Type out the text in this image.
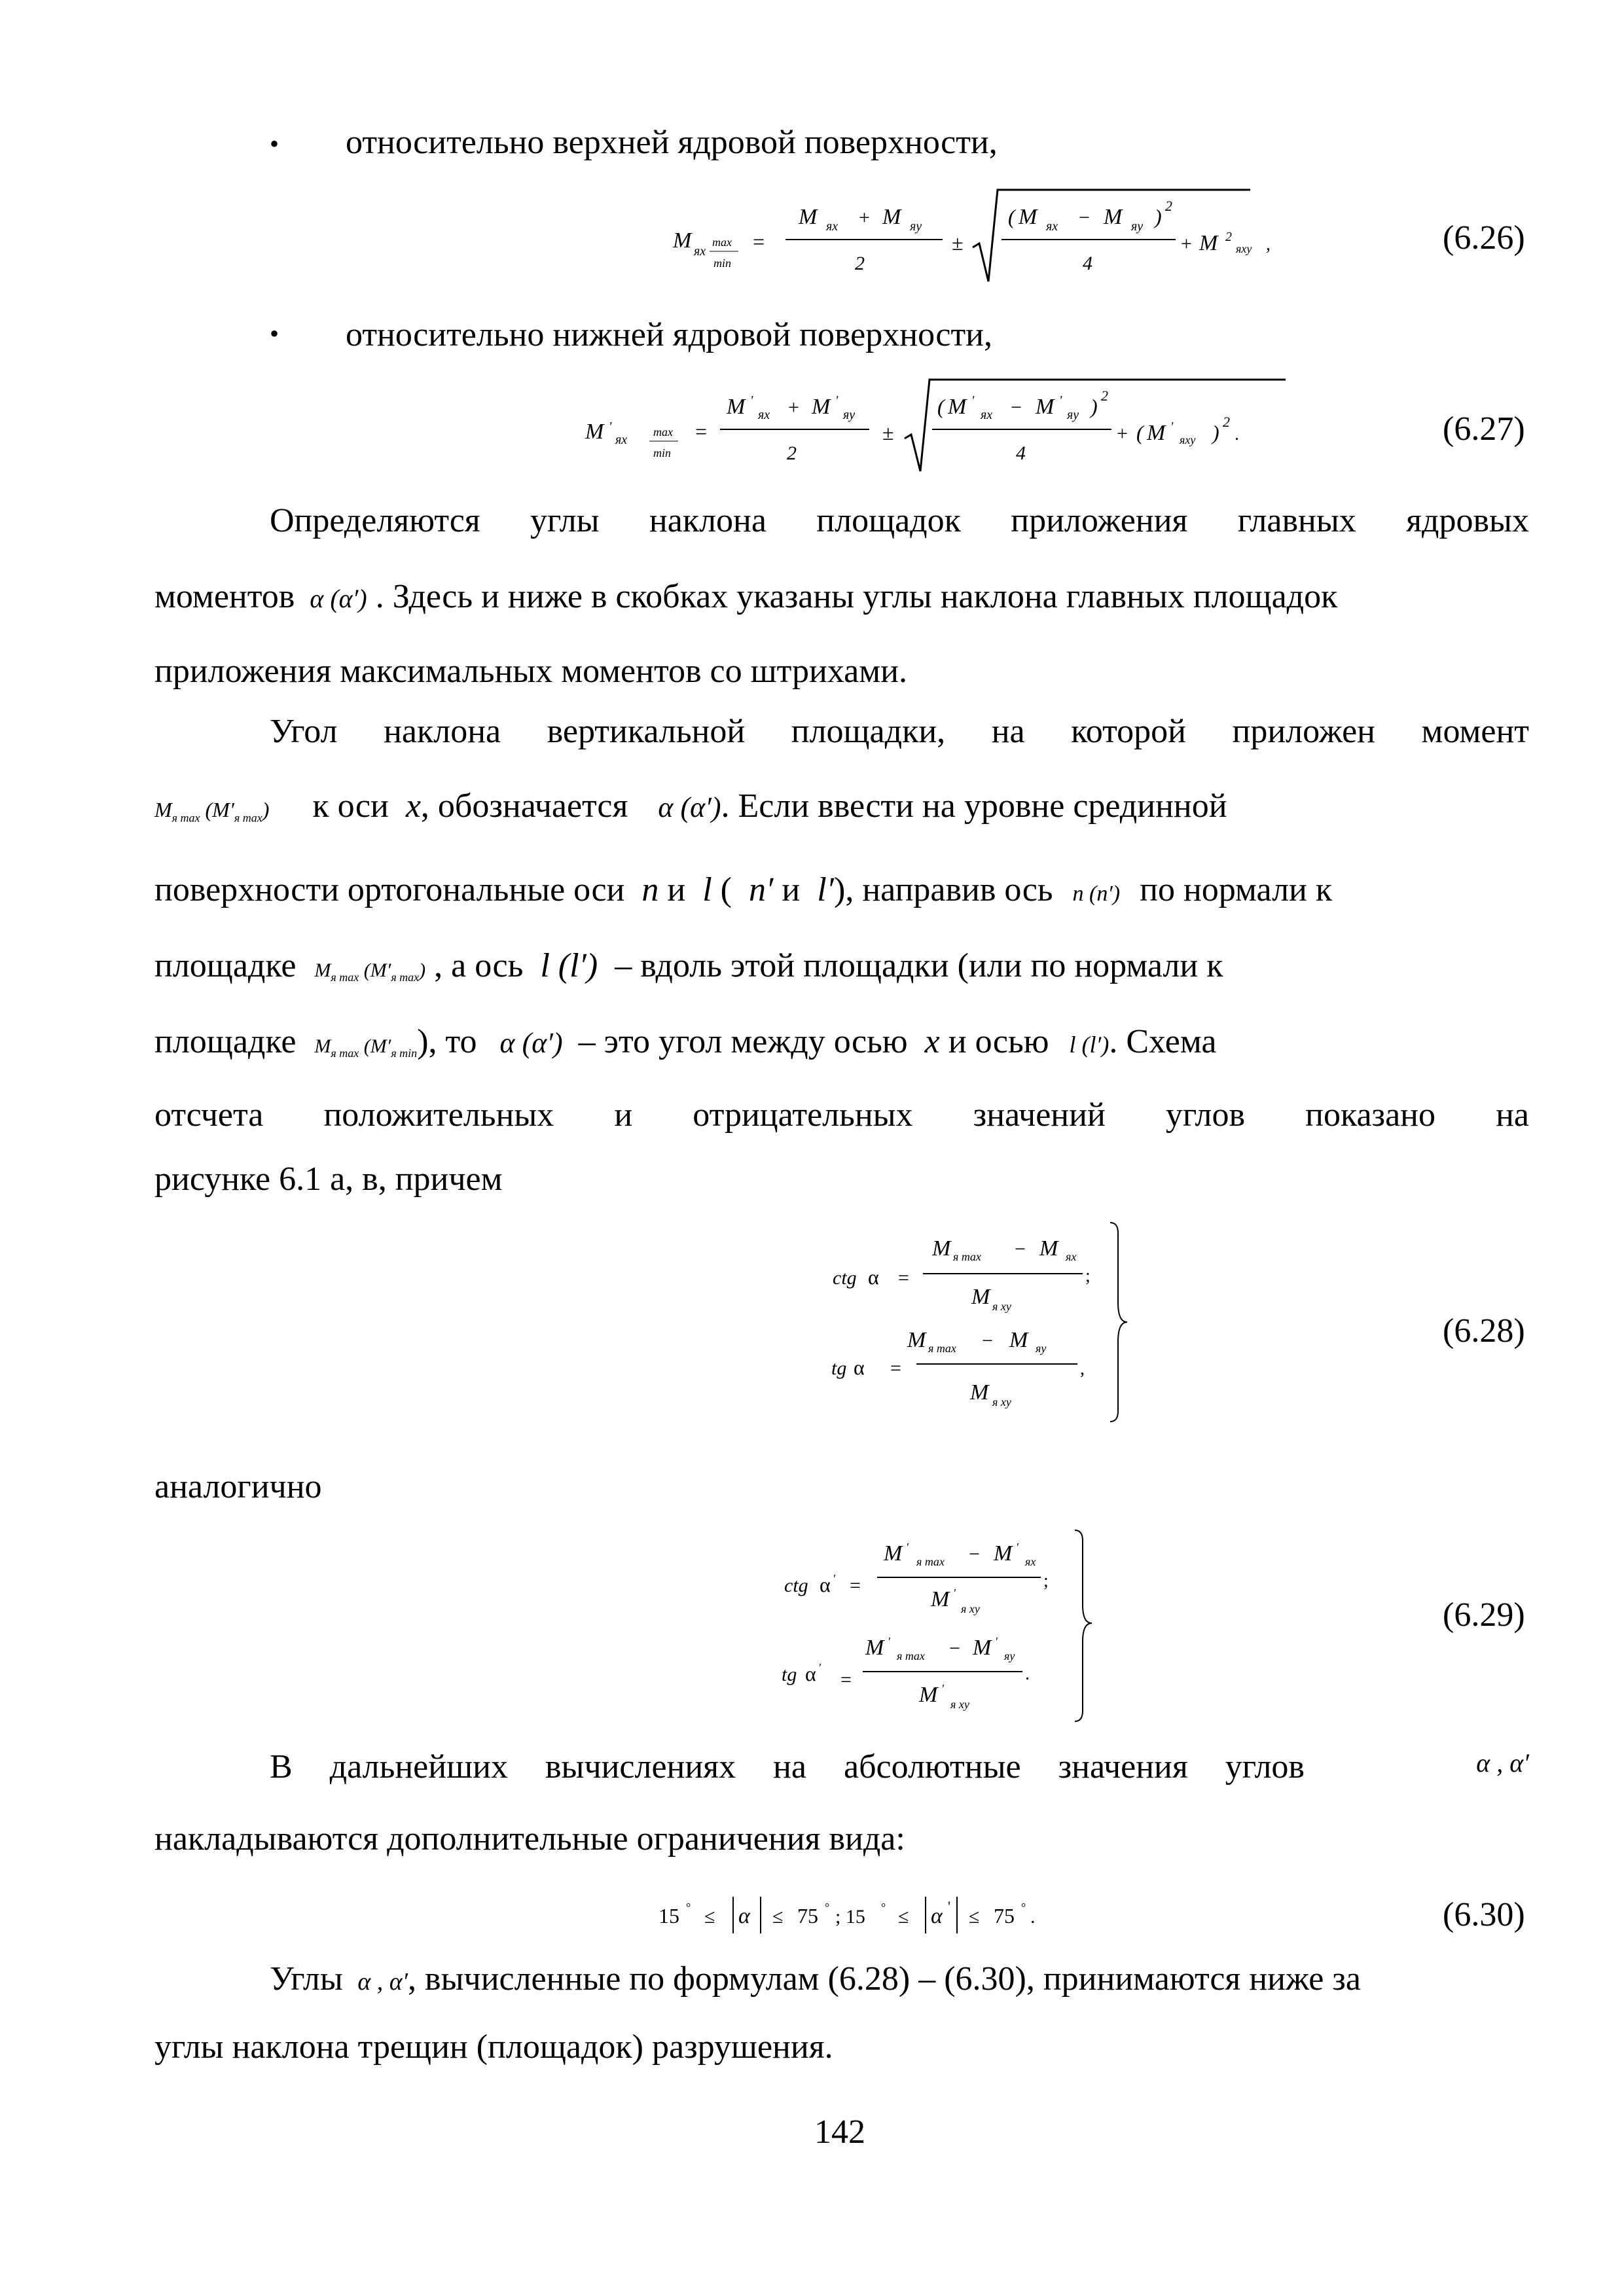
• относительно верхней ядровой поверхности,
M яx
max
min
=
M яx + M яy
2
±
( M яx − M яy ) 2
4
+ M 2
яxy ,	(6.26)
• относительно нижней ядровой поверхности,
M '
яx
max
min
=
M '
яx + M '
яy
2
±
( M '
яx − M '
яy ) 2
4
+ ( M '
яxy ) 2
.	(6.27)
Определяются углы наклона площадок приложения главных ядровых
моментов  α (α′) . Здесь и ниже в скобках указаны углы наклона главных площадок
приложения максимальных моментов со штрихами.
Угол наклона вертикальной площадки, на которой приложен момент
$M_{я max}$ $(M'_{я max})$ к оси  x, обозначается    α (α′). Если ввести на уровне срединной
поверхности ортогональные оси  n и  l (  n′ и  l′), направив ось   n (n′)   по нормали к
площадке   $M_{я max}$ $(M'_{я max})$ , а ось  l (l′)  – вдоль этой площадки (или по нормали к
площадке   $M_{я max}$ $(M'_{я min})$, то   α (α′)  – это угол между осью  x и осью   l (l′). Схема
отсчета положительных и отрицательных значений углов показано на
рисунке 6.1 а, в, причем
ctg α =
M я max − M яx
;
M я xy
tg α =
M я max − M яy
,
M я xy
(6.28)
аналогично
ctg α ' =
M '
я max − M '
яx
;
M '
я xy
tg α '
=
M '
я max − M '
яy
.
M '
я xy
(6.29)
В дальнейших вычислениях на абсолютные значения углов	α , α′
накладываются дополнительные ограничения вида:
15 ° ≤ α ≤ 75 ° ; 15 ° ≤ α ' ≤ 75 ° .	(6.30)
Углы  α , α′, вычисленные по формулам (6.28) – (6.30), принимаются ниже за
углы наклона трещин (площадок) разрушения.
142
